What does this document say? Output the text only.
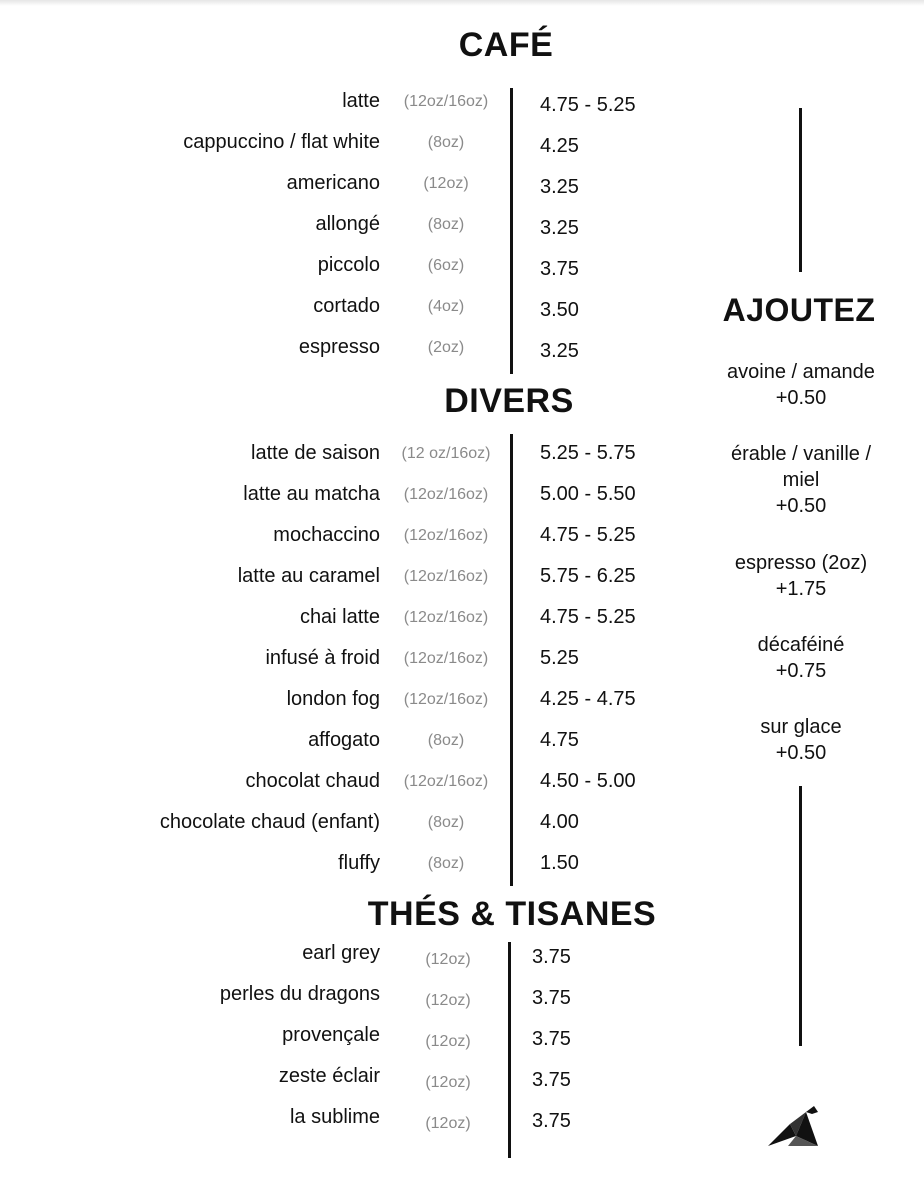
CAFÉ
DIVERS
THÉS & TISANES
latte	(12oz/16oz)	4.75 - 5.25
cappuccino / flat white	(8oz)	4.25
americano	(12oz)	3.25
allongé	(8oz)	3.25
piccolo	(6oz)	3.75
cortado	(4oz)	3.50
espresso	(2oz)	3.25
latte de saison	(12 oz/16oz)	5.25 - 5.75
latte au matcha	(12oz/16oz)	5.00 - 5.50
mochaccino	(12oz/16oz)	4.75 - 5.25
latte au caramel	(12oz/16oz)	5.75 - 6.25
chai latte	(12oz/16oz)	4.75 - 5.25
infusé à froid	(12oz/16oz)	5.25
london fog	(12oz/16oz)	4.25 - 4.75
affogato	(8oz)	4.75
chocolat chaud	(12oz/16oz)	4.50 - 5.00
chocolate chaud (enfant)	(8oz)	4.00
fluffy	(8oz)	1.50
earl grey	(12oz)	3.75
perles du dragons	(12oz)	3.75
provençale	(12oz)	3.75
zeste éclair	(12oz)	3.75
la sublime	(12oz)	3.75
AJOUTEZ
avoine / amande
+0.50
érable / vanille /
miel
+0.50
espresso (2oz)
+1.75
décaféiné
+0.75
sur glace
+0.50
